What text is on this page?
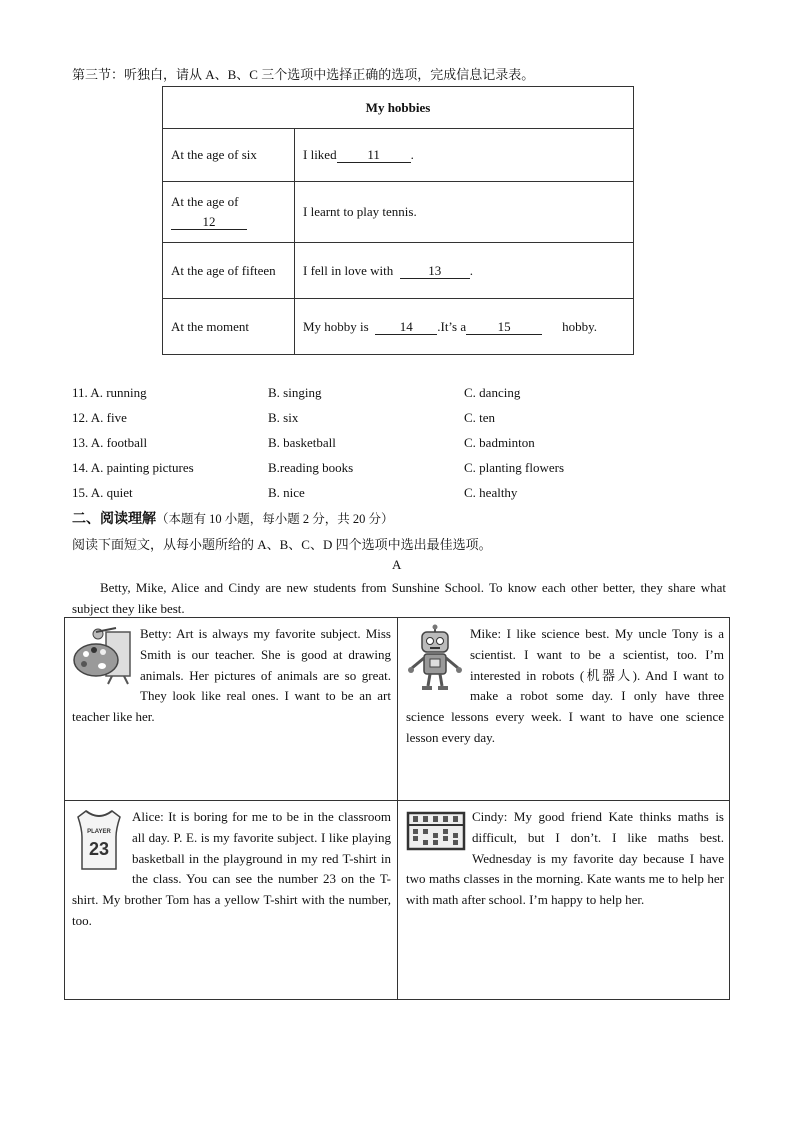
第三节：听独白，请从 A、B、C 三个选项中选择正确的选项，完成信息记录表。
My hobbies	
At the age of six	I liked 11 .

At the age of
12	I learnt to play tennis.
At the age of fifteen	I fell in love with 13 .
At the moment	My hobby is 14 .It’s a 15 hobby.
11. A. running	B. singing	C. dancing
12. A. five	B. six	C. ten
13. A. football	B. basketball	C. badminton
14. A. painting pictures	B.reading books	C. planting flowers
15. A. quiet	B. nice	C. healthy
二、阅读理解（本题有 10 小题，每小题 2 分，共 20 分）
阅读下面短文，从每小题所给的 A、B、C、D 四个选项中选出最佳选项。
A

Betty, Mike, Alice and Cindy are new students from Sunshine School. To know each other better, they share what subject they like best.

Betty: Art is always my favorite subject. Miss Smith is our teacher. She is good at drawing animals. Her pictures of animals are so great. They look like real ones. I want to be an art teacher like her.
Mike: I like science best. My uncle Tony is a scientist. I want to be a scientist, too. I’m interested in robots (机器人). And I want to make a robot some day. I only have three science lessons every week. I want to have one science lesson every day.
PLAYER
23
Alice: It is boring for me to be in the classroom all day. P. E. is my favorite subject. I like playing basketball in the playground in my red T-shirt in the class. You can see the number 23 on the T-shirt. My brother Tom has a yellow T-shirt with the number, too.
Cindy: My good friend Kate thinks maths is difficult, but I don’t. I like maths best. Wednesday is my favorite day because I have two maths classes in the morning. Kate wants me to help her with math after school. I’m happy to help her.
